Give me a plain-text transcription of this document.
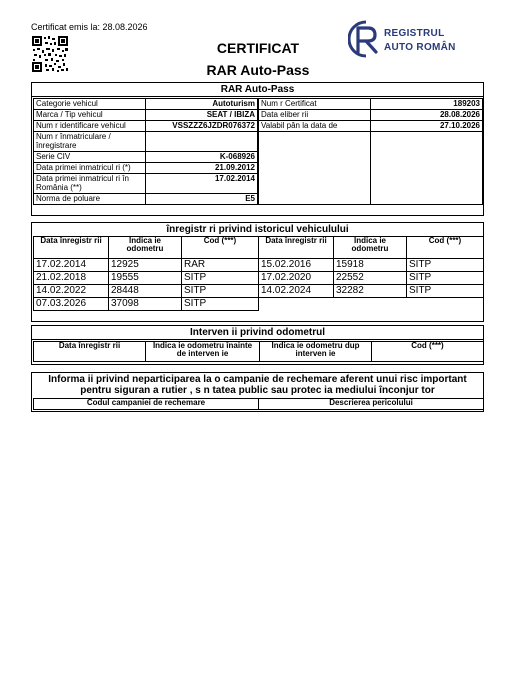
Certificat emis la: 28.08.2026
CERTIFICAT
RAR Auto-Pass
REGISTRUL
AUTO ROMÂN
RAR Auto-Pass
Categorie vehicul	Autoturism
Marca / Tip vehicul	SEAT / IBIZA
Num r identificare vehicul	VSSZZZ6JZDR076372
Num r înmatriculare / înregistrare	
Serie CIV	K-068926
Data primei inmatricul ri (*)	21.09.2012
Data primei inmatricul ri în România (**)	17.02.2014
Norma de poluare	E5
Num r Certificat	189203
Data eliber rii	28.08.2026
Valabil pân la data de	27.10.2026

înregistr ri privind istoricul vehiculului
Data înregistr rii	Indica ie odometru	Cod (***)	Data înregistr rii	Indica ie odometru	Cod (***)
17.02.2014	12925	RAR	15.02.2016	15918	SITP
21.02.2018	19555	SITP	17.02.2020	22552	SITP
14.02.2022	28448	SITP	14.02.2024	32282	SITP
07.03.2026	37098	SITP			
Interven ii privind odometrul
Data înregistr rii	Indica ie odometru înainte de interven ie	Indica ie odometru dup interven ie	Cod (***)
Informa ii privind neparticiparea la o campanie de rechemare aferent unui risc important pentru siguran a rutier , s n tatea public sau protec ia mediului înconjur tor
Codul campaniei de rechemare	Descrierea pericolului
